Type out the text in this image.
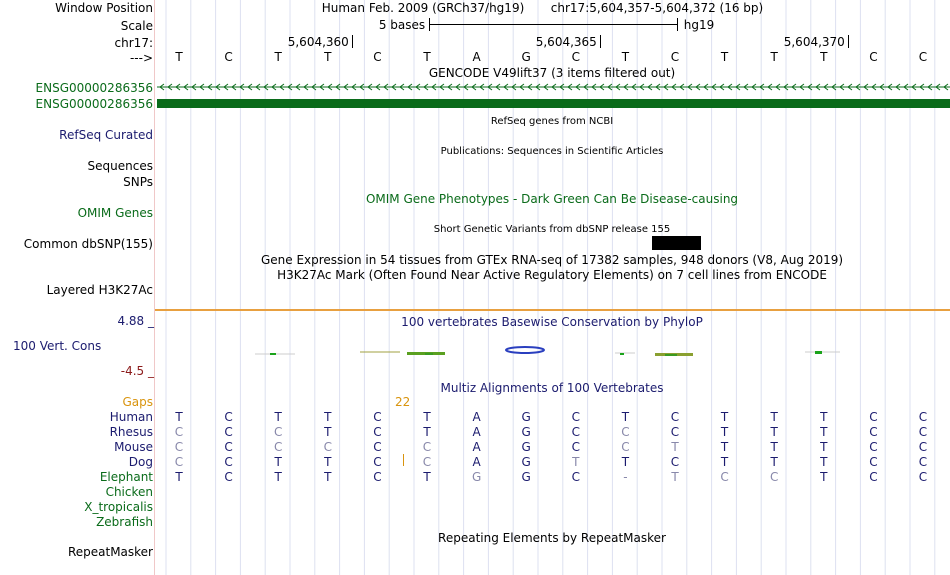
Window Position	Human Feb. 2009 (GRCh37/hg19) chr17:5,604,357-5,604,372 (16 bp)
Scale	5 bases	hg19
chr17:	5,604,360	5,604,365	5,604,370
---> T	C	T	T	C	T	A	G	C	T	C	T	T	T	C	C
GENCODE V49lift37 (3 items filtered out)
ENSG00000286356
ENSG00000286356
RefSeq genes from NCBI
RefSeq Curated
Publications: Sequences in Scientific Articles
Sequences
SNPs
OMIM Gene Phenotypes - Dark Green Can Be Disease-causing
OMIM Genes
Short Genetic Variants from dbSNP release 155
Common dbSNP(155)
Gene Expression in 54 tissues from GTEx RNA-seq of 17382 samples, 948 donors (V8, Aug 2019)
H3K27Ac Mark (Often Found Near Active Regulatory Elements) on 7 cell lines from ENCODE
Layered H3K27Ac
4.88 _	100 vertebrates Basewise Conservation by PhyloP
100 Vert. Cons
-4.5 _
Multiz Alignments of 100 Vertebrates
Gaps	22
Human T	C	T	T	C	T	A	G	C	T	C	T	T	T	C	C
Rhesus C	C	C	T	C	T	A	G	C	C	C	T	T	T	C	C
Mouse C	C	C	C	C	C	A	G	C	C	T	T	T	T	C	C
Dog C	C	T	T	C	C	A	G	T	T	C	T	T	T	C	C
Elephant T	C	T	T	C	T	G	G	C	-	T	C	C	T	C	C
Chicken
X_tropicalis
Zebrafish
Repeating Elements by RepeatMasker
RepeatMasker
